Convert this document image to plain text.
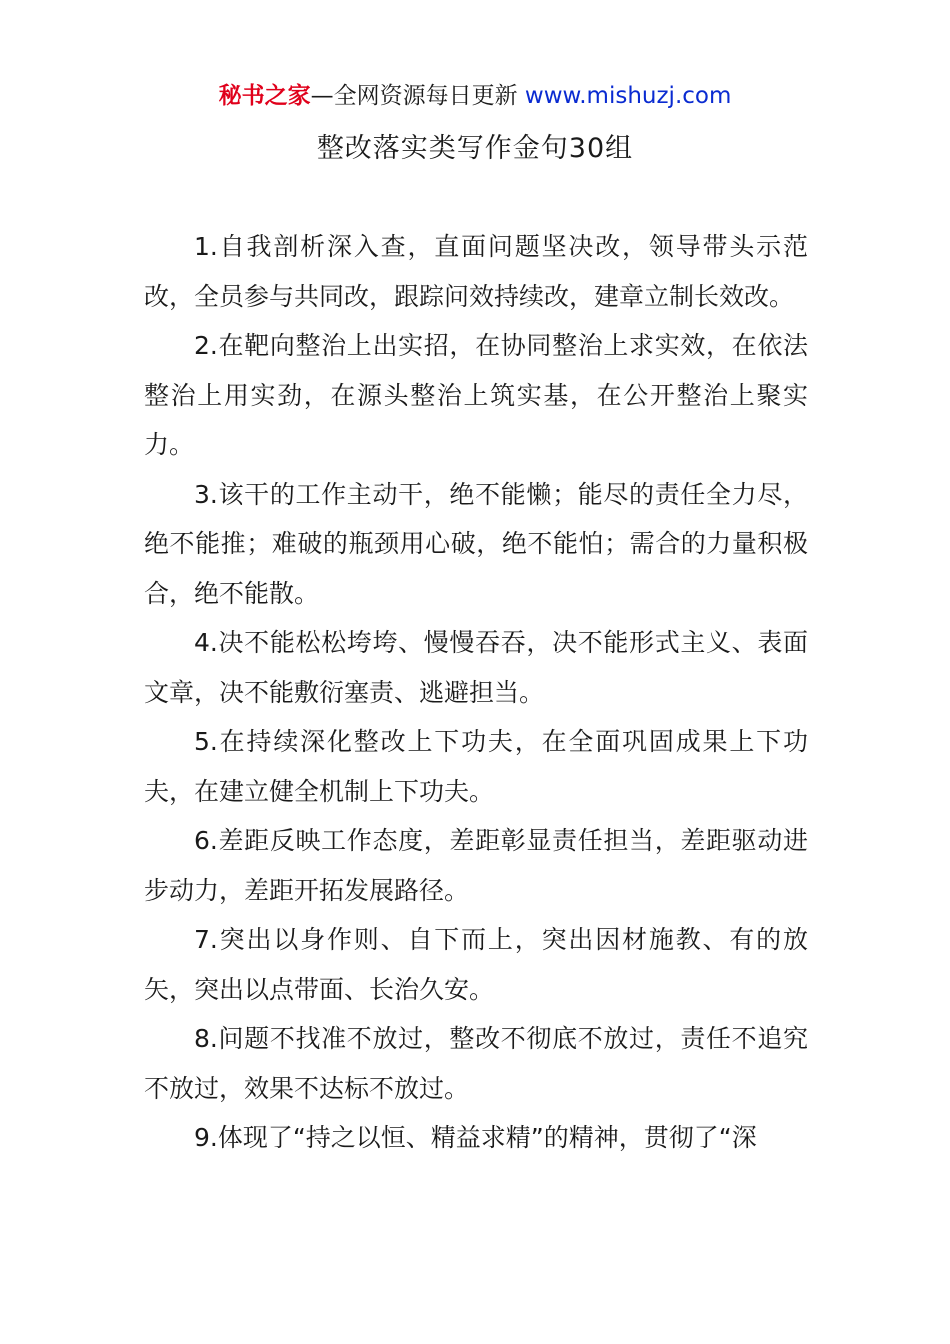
秘书之家—全网资源每日更新 www.mishuzj.com
整改落实类写作金句30组

1.自我剖析深入查，直面问题坚决改，领导带头示范改，全员参与共同改，跟踪问效持续改，建章立制长效改。

2.在靶向整治上出实招，在协同整治上求实效，在依法整治上用实劲，在源头整治上筑实基，在公开整治上聚实力。

3.该干的工作主动干，绝不能懒；能尽的责任全力尽，绝不能推；难破的瓶颈用心破，绝不能怕；需合的力量积极合，绝不能散。

4.决不能松松垮垮、慢慢吞吞，决不能形式主义、表面文章，决不能敷衍塞责、逃避担当。

5.在持续深化整改上下功夫，在全面巩固成果上下功夫，在建立健全机制上下功夫。

6.差距反映工作态度，差距彰显责任担当，差距驱动进步动力，差距开拓发展路径。

7.突出以身作则、自下而上，突出因材施教、有的放矢，突出以点带面、长治久安。

8.问题不找准不放过，整改不彻底不放过，责任不追究不放过，效果不达标不放过。

9.体现了“持之以恒、精益求精”的精神，贯彻了“深
